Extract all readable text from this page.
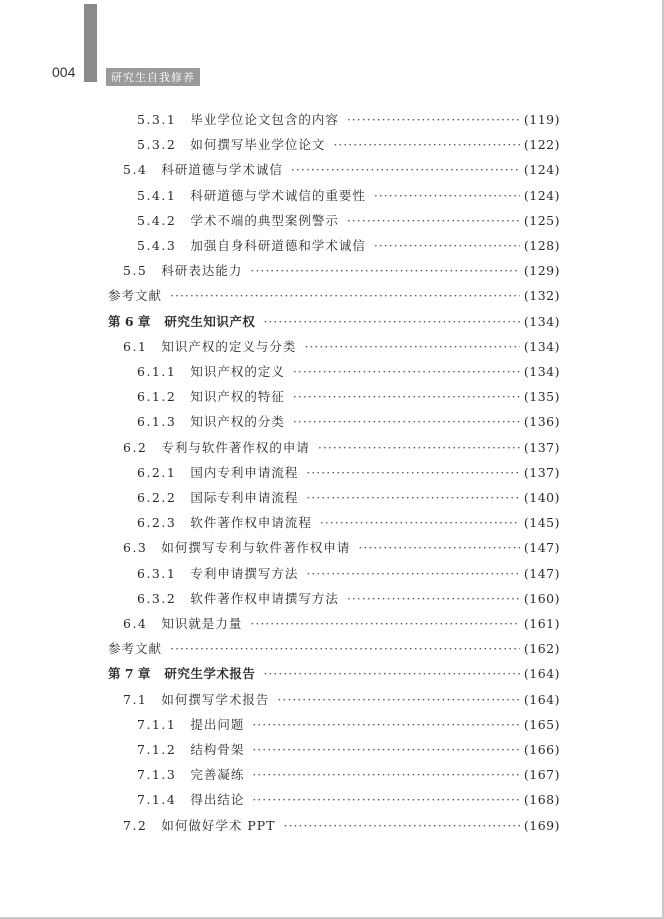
004	研究生自我修养
5.3.1 毕业学位论文包含的内容 ·····	(119)
5.3.2 如何撰写毕业学位论文 ·····	(122)
5.4 科研道德与学术诚信 ·····	(124)
5.4.1 科研道德与学术诚信的重要性 ·····	(124)
5.4.2 学术不端的典型案例警示 ·····	(125)
5.4.3 加强自身科研道德和学术诚信 ·····	(128)
5.5 科研表达能力 ·····	(129)
参考文献 ·····	(132)
第 6 章 研究生知识产权 ·····	(134)
6.1 知识产权的定义与分类 ·····	(134)
6.1.1 知识产权的定义 ·····	(134)
6.1.2 知识产权的特征 ·····	(135)
6.1.3 知识产权的分类 ·····	(136)
6.2 专利与软件著作权的申请 ·····	(137)
6.2.1 国内专利申请流程 ·····	(137)
6.2.2 国际专利申请流程 ·····	(140)
6.2.3 软件著作权申请流程 ·····	(145)
6.3 如何撰写专利与软件著作权申请 ·····	(147)
6.3.1 专利申请撰写方法 ·····	(147)
6.3.2 软件著作权申请撰写方法 ·····	(160)
6.4 知识就是力量 ·····	(161)
参考文献 ·····	(162)
第 7 章 研究生学术报告 ·····	(164)
7.1 如何撰写学术报告 ·····	(164)
7.1.1 提出问题 ·····	(165)
7.1.2 结构骨架 ·····	(166)
7.1.3 完善凝练 ·····	(167)
7.1.4 得出结论 ·····	(168)
7.2 如何做好学术 PPT ·····	(169)
